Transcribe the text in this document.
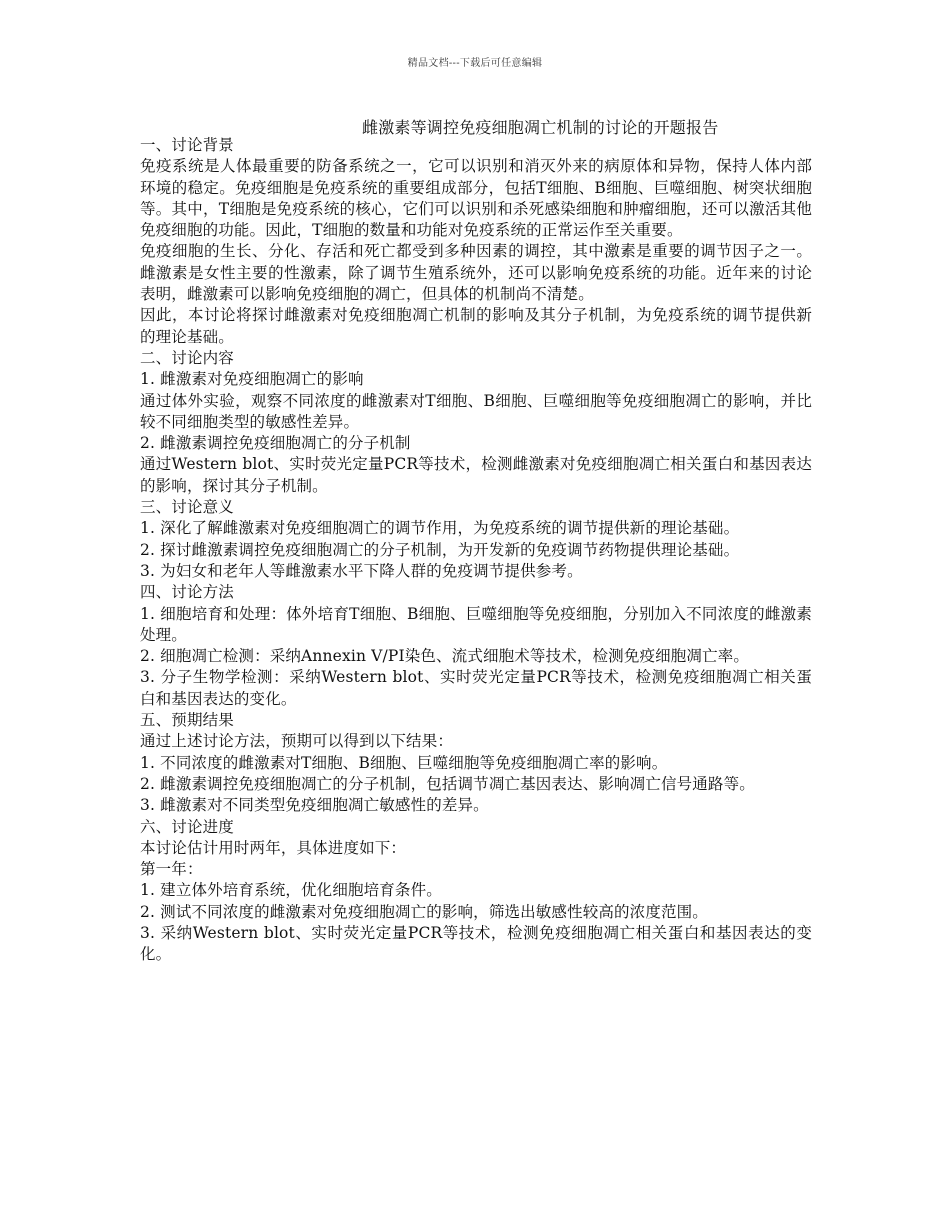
精品文档---下载后可任意编辑
雌激素等调控免疫细胞凋亡机制的讨论的开题报告

一、讨论背景

免疫系统是人体最重要的防备系统之一，它可以识别和消灭外来的病原体和异物，保持人体内部环境的稳定。免疫细胞是免疫系统的重要组成部分，包括T细胞、B细胞、巨噬细胞、树突状细胞等。其中，T细胞是免疫系统的核心，它们可以识别和杀死感染细胞和肿瘤细胞，还可以激活其他免疫细胞的功能。因此，T细胞的数量和功能对免疫系统的正常运作至关重要。

免疫细胞的生长、分化、存活和死亡都受到多种因素的调控，其中激素是重要的调节因子之一。雌激素是女性主要的性激素，除了调节生殖系统外，还可以影响免疫系统的功能。近年来的讨论表明，雌激素可以影响免疫细胞的凋亡，但具体的机制尚不清楚。

因此，本讨论将探讨雌激素对免疫细胞凋亡机制的影响及其分子机制，为免疫系统的调节提供新的理论基础。

二、讨论内容

1. 雌激素对免疫细胞凋亡的影响

通过体外实验，观察不同浓度的雌激素对T细胞、B细胞、巨噬细胞等免疫细胞凋亡的影响，并比较不同细胞类型的敏感性差异。

2. 雌激素调控免疫细胞凋亡的分子机制

通过Western blot、实时荧光定量PCR等技术，检测雌激素对免疫细胞凋亡相关蛋白和基因表达的影响，探讨其分子机制。

三、讨论意义

1. 深化了解雌激素对免疫细胞凋亡的调节作用，为免疫系统的调节提供新的理论基础。

2. 探讨雌激素调控免疫细胞凋亡的分子机制，为开发新的免疫调节药物提供理论基础。

3. 为妇女和老年人等雌激素水平下降人群的免疫调节提供参考。

四、讨论方法

1. 细胞培育和处理：体外培育T细胞、B细胞、巨噬细胞等免疫细胞，分别加入不同浓度的雌激素处理。

2. 细胞凋亡检测：采纳Annexin V/PI染色、流式细胞术等技术，检测免疫细胞凋亡率。

3. 分子生物学检测：采纳Western blot、实时荧光定量PCR等技术，检测免疫细胞凋亡相关蛋白和基因表达的变化。

五、预期结果

通过上述讨论方法，预期可以得到以下结果：

1. 不同浓度的雌激素对T细胞、B细胞、巨噬细胞等免疫细胞凋亡率的影响。

2. 雌激素调控免疫细胞凋亡的分子机制，包括调节凋亡基因表达、影响凋亡信号通路等。

3. 雌激素对不同类型免疫细胞凋亡敏感性的差异。

六、讨论进度

本讨论估计用时两年，具体进度如下：

第一年：

1. 建立体外培育系统，优化细胞培育条件。

2. 测试不同浓度的雌激素对免疫细胞凋亡的影响，筛选出敏感性较高的浓度范围。

3. 采纳Western blot、实时荧光定量PCR等技术，检测免疫细胞凋亡相关蛋白和基因表达的变化。
